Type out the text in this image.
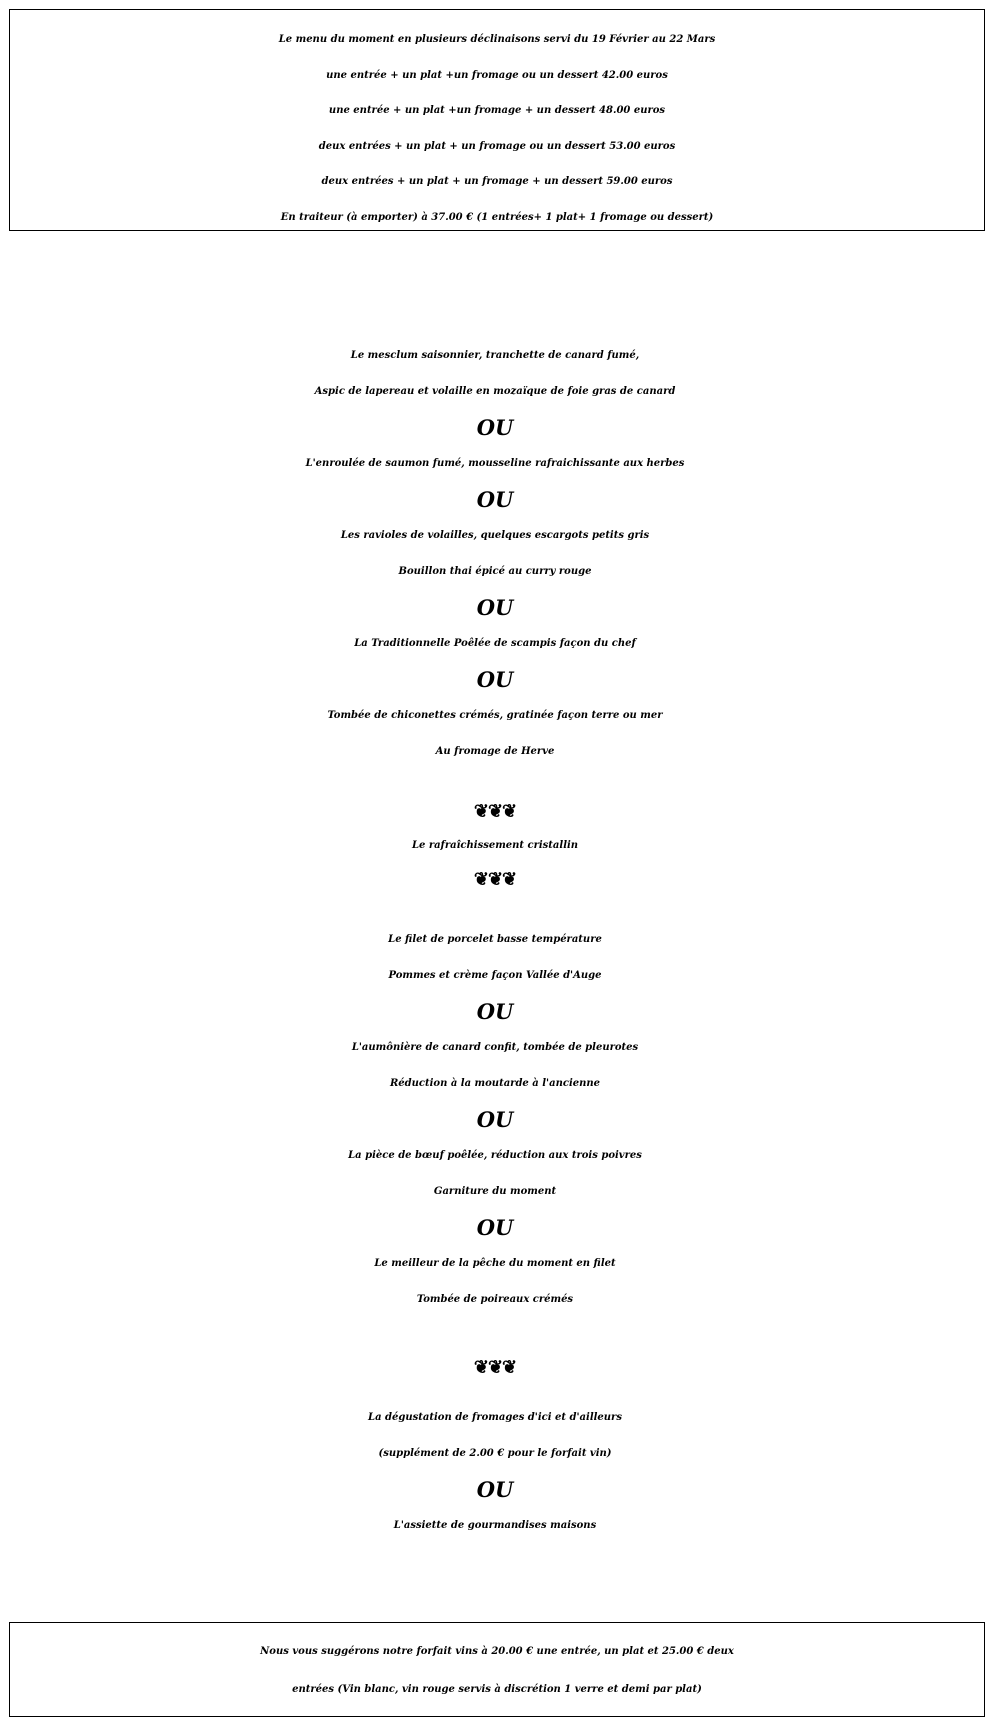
Le menu du moment en plusieurs déclinaisons servi du 19 Février au 22 Mars
une entrée + un plat +un fromage ou un dessert 42.00 euros
une entrée + un plat +un fromage + un dessert 48.00 euros
deux entrées + un plat + un fromage ou un dessert 53.00 euros
deux entrées + un plat + un fromage + un dessert 59.00 euros
En traiteur (à emporter) à 37.00 € (1 entrées+ 1 plat+ 1 fromage ou dessert)
Le mesclum saisonnier, tranchette de canard fumé,
Aspic de lapereau et volaille en mozaïque de foie gras de canard
OU
L'enroulée de saumon fumé, mousseline rafraichissante aux herbes
OU
Les ravioles de volailles, quelques escargots petits gris
Bouillon thai épicé au curry rouge
OU
La Traditionnelle Poêlée de scampis façon du chef
OU
Tombée de chiconettes crémés, gratinée façon terre ou mer
Au fromage de Herve
❦❦❦
Le rafraîchissement cristallin
❦❦❦
Le filet de porcelet basse température
Pommes et crème façon Vallée d'Auge
OU
L'aumônière de canard confit, tombée de pleurotes
Réduction à la moutarde à l'ancienne
OU
La pièce de bœuf poêlée, réduction aux trois poivres
Garniture du moment
OU
Le meilleur de la pêche du moment en filet
Tombée de poireaux crémés
❦❦❦
La dégustation de fromages d'ici et d'ailleurs
(supplément de 2.00 € pour le forfait vin)
OU
L'assiette de gourmandises maisons
Nous vous suggérons notre forfait vins à 20.00 € une entrée, un plat et 25.00 € deux
entrées (Vin blanc, vin rouge servis à discrétion 1 verre et demi par plat)
